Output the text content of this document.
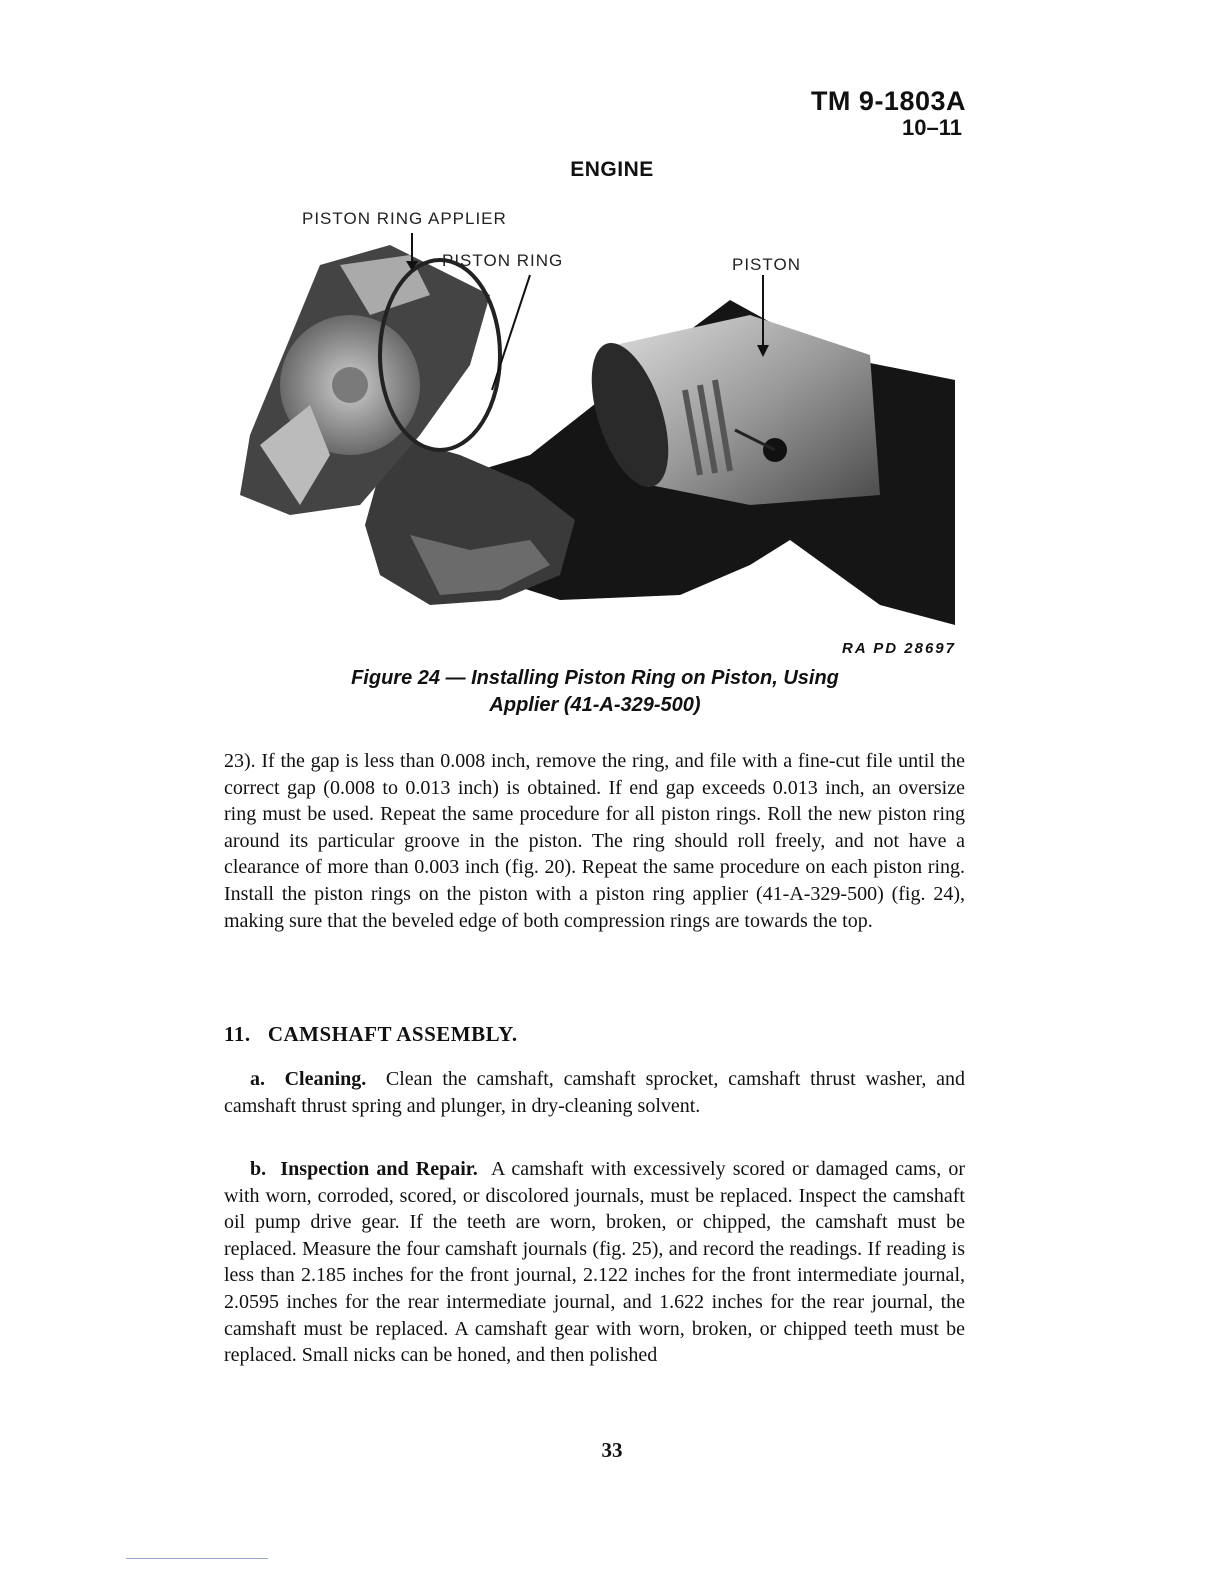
TM 9-1803A
10–11
ENGINE
PISTON RING APPLIER
PISTON RING	PISTON
RA PD 28697
Figure 24 — Installing Piston Ring on Piston, Using
Applier (41-A-329-500)

23). If the gap is less than 0.008 inch, remove the ring, and file with a fine-cut file until the correct gap (0.008 to 0.013 inch) is obtained. If end gap exceeds 0.013 inch, an oversize ring must be used. Repeat the same procedure for all piston rings. Roll the new piston ring around its particular groove in the piston. The ring should roll freely, and not have a clearance of more than 0.003 inch (fig. 20). Repeat the same procedure on each piston ring. Install the piston rings on the piston with a piston ring applier (41-A-329-500) (fig. 24), making sure that the beveled edge of both compression rings are towards the top.

11. CAMSHAFT ASSEMBLY.

a. Cleaning. Clean the camshaft, camshaft sprocket, camshaft thrust washer, and camshaft thrust spring and plunger, in dry-cleaning solvent.

b. Inspection and Repair. A camshaft with excessively scored or damaged cams, or with worn, corroded, scored, or discolored journals, must be replaced. Inspect the camshaft oil pump drive gear. If the teeth are worn, broken, or chipped, the camshaft must be replaced. Measure the four camshaft journals (fig. 25), and record the readings. If reading is less than 2.185 inches for the front journal, 2.122 inches for the front intermediate journal, 2.0595 inches for the rear intermediate journal, and 1.622 inches for the rear journal, the camshaft must be replaced. A camshaft gear with worn, broken, or chipped teeth must be replaced. Small nicks can be honed, and then polished

33
